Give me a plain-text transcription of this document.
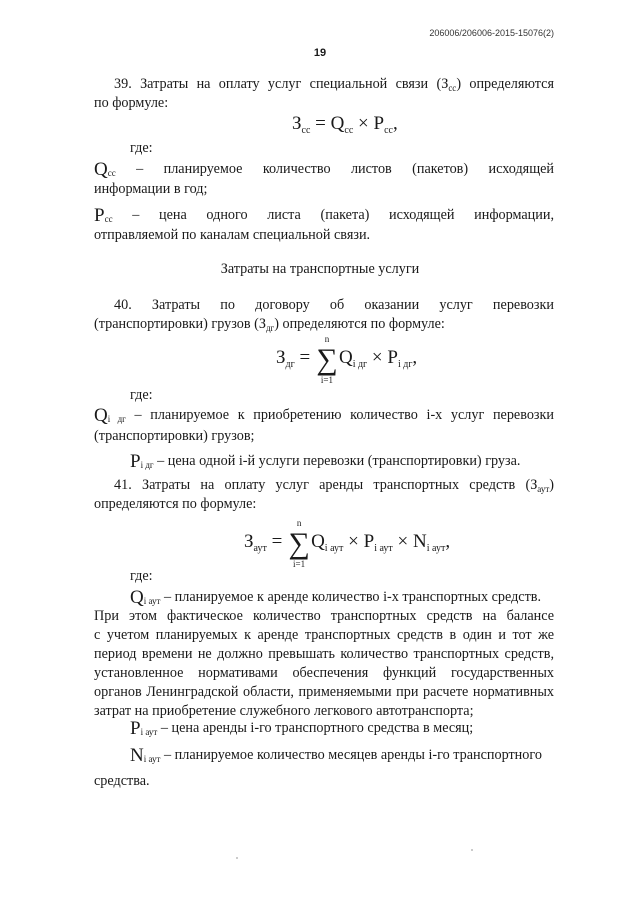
206006/206006-2015-15076(2)
19
39. Затраты на оплату услуг специальной связи $(З_{сс})$ определяются
по формуле:
$З_{сс} = Q_{сс} \times P_{сс}$,
где:
$Q_{сс}$ – планируемое количество листов (пакетов) исходящей
информации в год;
$P_{сс}$ – цена одного листа (пакета) исходящей информации,
отправляемой по каналам специальной связи.
Затраты на транспортные услуги
40. Затраты по договору об оказании услуг перевозки
(транспортировки) грузов $(З_{дг})$ определяются по формуле:
$З_{дг}$ =
n
∑
i=1
$Q_{i дг} \times P_{i дг}$,
где:
$Q_{i дг}$ – планируемое к приобретению количество i-х услуг перевозки
(транспортировки) грузов;
$P_{i дг}$ – цена одной i-й услуги перевозки (транспортировки) груза.
41. Затраты на оплату услуг аренды транспортных средств $(З_{аут})$
определяются по формуле:
$З_{аут}$ =
n
∑
i=1
$Q_{i аут} \times P_{i аут} \times N_{i аут}$,
где:
$Q_{i аут}$ – планируемое к аренде количество i-х транспортных средств.
При этом фактическое количество транспортных средств на балансе
с учетом планируемых к аренде транспортных средств в один и тот же
период времени не должно превышать количество транспортных средств,
установленное нормативами обеспечения функций государственных
органов Ленинградской области, применяемыми при расчете нормативных
затрат на приобретение служебного легкового автотранспорта;
$P_{i аут}$ – цена аренды i-го транспортного средства в месяц;
$N_{i аут}$ – планируемое количество месяцев аренды i-го транспортного
средства.
